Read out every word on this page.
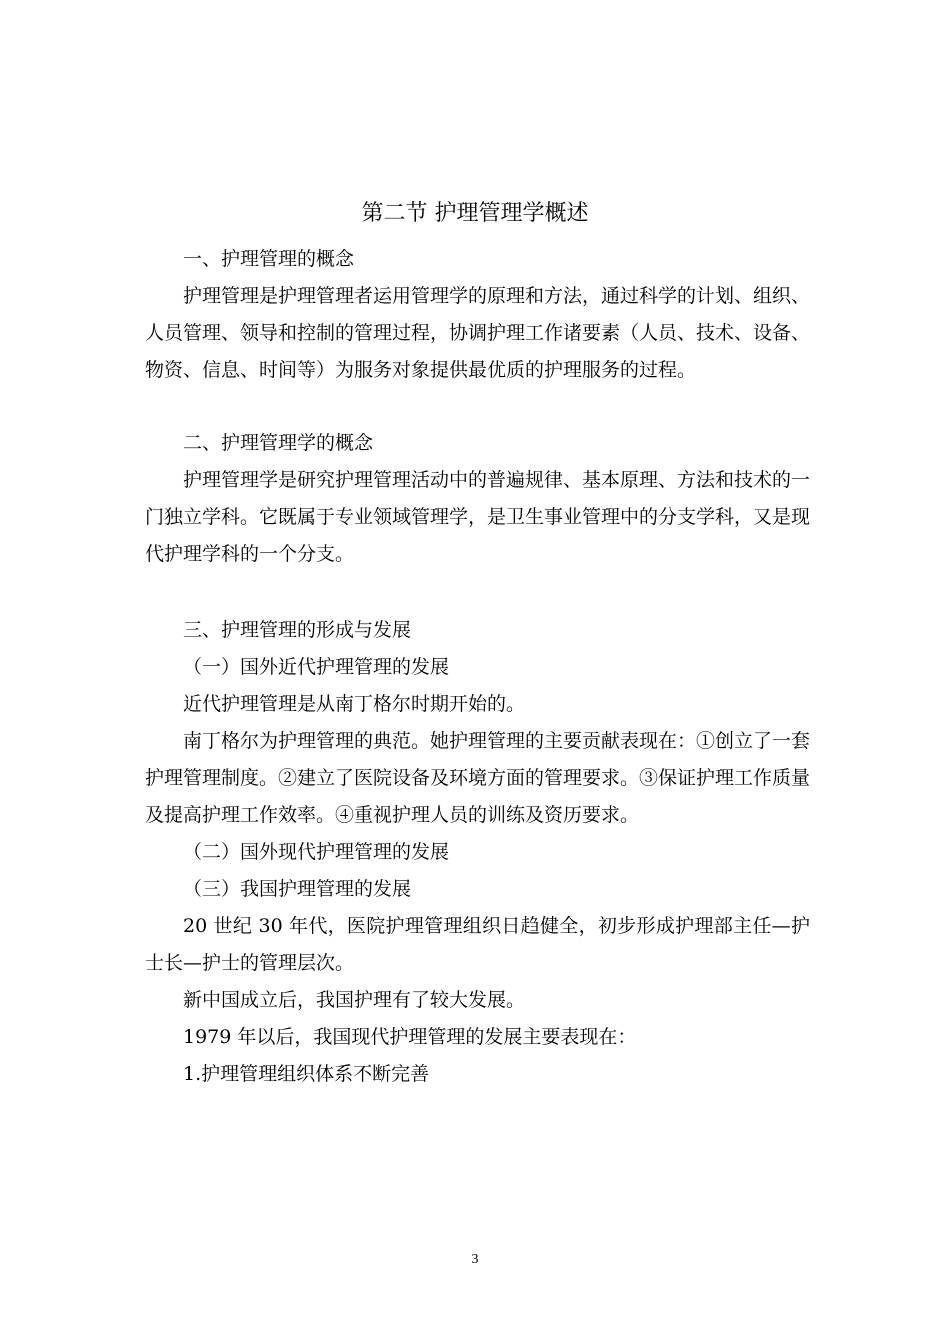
第二节 护理管理学概述
一、护理管理的概念
护理管理是护理管理者运用管理学的原理和方法，通过科学的计划、组织、人员管理、领导和控制的管理过程，协调护理工作诸要素（人员、技术、设备、物资、信息、时间等）为服务对象提供最优质的护理服务的过程。
二、护理管理学的概念
护理管理学是研究护理管理活动中的普遍规律、基本原理、方法和技术的一门独立学科。它既属于专业领域管理学，是卫生事业管理中的分支学科，又是现代护理学科的一个分支。
三、护理管理的形成与发展
（一）国外近代护理管理的发展
近代护理管理是从南丁格尔时期开始的。
南丁格尔为护理管理的典范。她护理管理的主要贡献表现在：①创立了一套护理管理制度。②建立了医院设备及环境方面的管理要求。③保证护理工作质量及提高护理工作效率。④重视护理人员的训练及资历要求。
（二）国外现代护理管理的发展
（三）我国护理管理的发展
20 世纪 30 年代，医院护理管理组织日趋健全，初步形成护理部主任—护士长—护士的管理层次。
新中国成立后，我国护理有了较大发展。
1979 年以后，我国现代护理管理的发展主要表现在：
1.护理管理组织体系不断完善
3
